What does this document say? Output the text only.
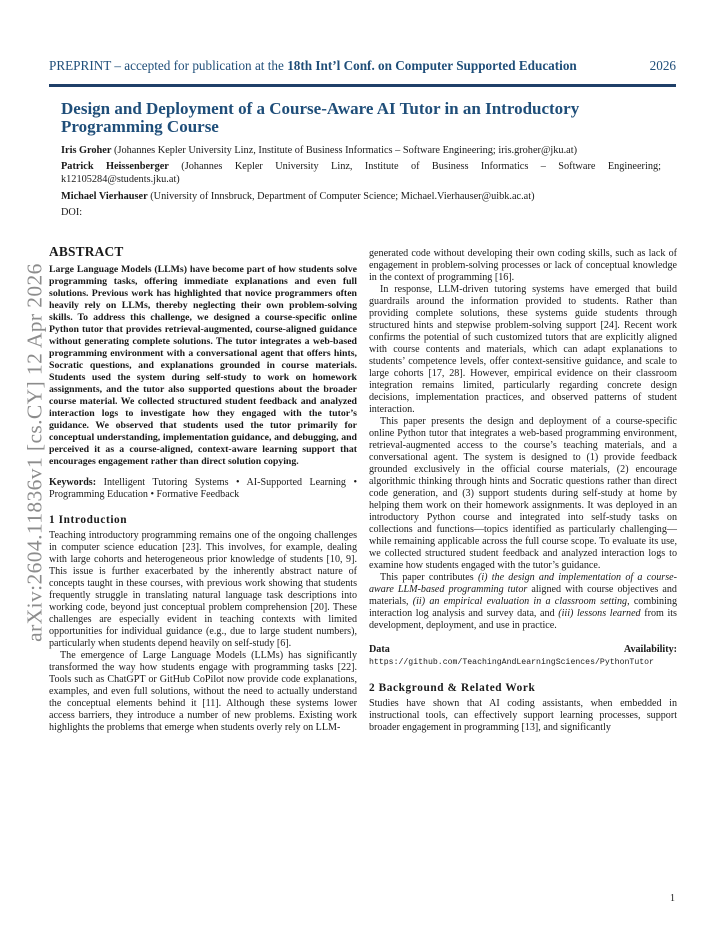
PREPRINT – accepted for publication at the 18th Int’l Conf. on Computer Supported Education	2026
Design and Deployment of a Course-Aware AI Tutor in an Introductory Programming Course

Iris Groher (Johannes Kepler University Linz, Institute of Business Informatics – Software Engineering; iris.groher@jku.at)

Patrick Heissenberger (Johannes Kepler University Linz, Institute of Business Informatics – Software Engineering; k12105284@students.jku.at)

Michael Vierhauser (University of Innsbruck, Department of Computer Science; Michael.Vierhauser@uibk.ac.at)

DOI:

arXiv:2604.11836v1 [cs.CY] 12 Apr 2026
ABSTRACT

Large Language Models (LLMs) have become part of how students solve programming tasks, offering immediate explanations and even full solutions. Previous work has highlighted that novice programmers often heavily rely on LLMs, thereby neglecting their own problem-solving skills. To address this challenge, we designed a course-specific online Python tutor that provides retrieval-augmented, course-aligned guidance without generating complete solutions. The tutor integrates a web-based programming environment with a conversational agent that offers hints, Socratic questions, and explanations grounded in course materials. Students used the system during self-study to work on homework assignments, and the tutor also supported questions about the broader course material. We collected structured student feedback and analyzed interaction logs to investigate how they engaged with the tutor’s guidance. We observed that students used the tutor primarily for conceptual understanding, implementation guidance, and debugging, and perceived it as a course-aligned, context-aware learning support that encourages engagement rather than direct solution copying.

Keywords: Intelligent Tutoring Systems • AI-Supported Learning • Programming Education • Formative Feedback

1 Introduction

Teaching introductory programming remains one of the ongoing challenges in computer science education [23]. This involves, for example, dealing with large cohorts and heterogeneous prior knowledge of students [10, 9]. This issue is further exacerbated by the inherently abstract nature of concepts taught in these courses, with previous work showing that students frequently struggle in translating natural language task descriptions into working code, beyond just conceptual problem comprehension [20]. These challenges are especially evident in teaching contexts with limited opportunities for individual guidance (e.g., due to large student numbers), particularly when students depend heavily on self-study [6].

The emergence of Large Language Models (LLMs) has significantly transformed the way how students engage with programming tasks [22]. Tools such as ChatGPT or GitHub CoPilot now provide code explanations, examples, and even full solutions, without the need to actually understand the conceptual elements behind it [11]. Although these systems lower access barriers, they introduce a number of new problems. Existing work highlights the problems that emerge when students overly rely on LLM-

generated code without developing their own coding skills, such as lack of engagement in problem-solving processes or lack of conceptual knowledge in the context of programming [16].

In response, LLM-driven tutoring systems have emerged that build guardrails around the information provided to students. Rather than providing complete solutions, these systems guide students through structured hints and stepwise problem-solving support [24]. Recent work confirms the potential of such customized tutors that are explicitly aligned with course contents and materials, which can adapt explanations to students’ competence levels, offer context-sensitive guidance, and scale to large cohorts [17, 28]. However, empirical evidence on their classroom integration remains limited, particularly regarding concrete design decisions, implementation practices, and observed patterns of student interaction.

This paper presents the design and deployment of a course-specific online Python tutor that integrates a web-based programming environment, retrieval-augmented access to the course’s teaching materials, and a conversational agent. The system is designed to (1) provide feedback grounded exclusively in the official course materials, (2) encourage algorithmic thinking through hints and Socratic questions rather than direct code generation, and (3) support students during self-study at home by helping them work on their homework assignments. It was deployed in an introductory Python course and integrated into self-study tasks on collections and functions—topics identified as particularly challenging—while remaining applicable across the full course scope. To evaluate its use, we collected structured student feedback and analyzed interaction logs to examine how students engaged with the tutor’s guidance.

This paper contributes (i) the design and implementation of a course-aware LLM-based programming tutor aligned with course objectives and materials, (ii) an empirical evaluation in a classroom setting, combining interaction log analysis and survey data, and (iii) lessons learned from its development, deployment, and use in practice.

Data Availability: https://github.com/TeachingAndLearningSciences/PythonTutor

2 Background & Related Work

Studies have shown that AI coding assistants, when embedded in instructional tools, can effectively support learning processes, support broader engagement in programming [13], and significantly

1
